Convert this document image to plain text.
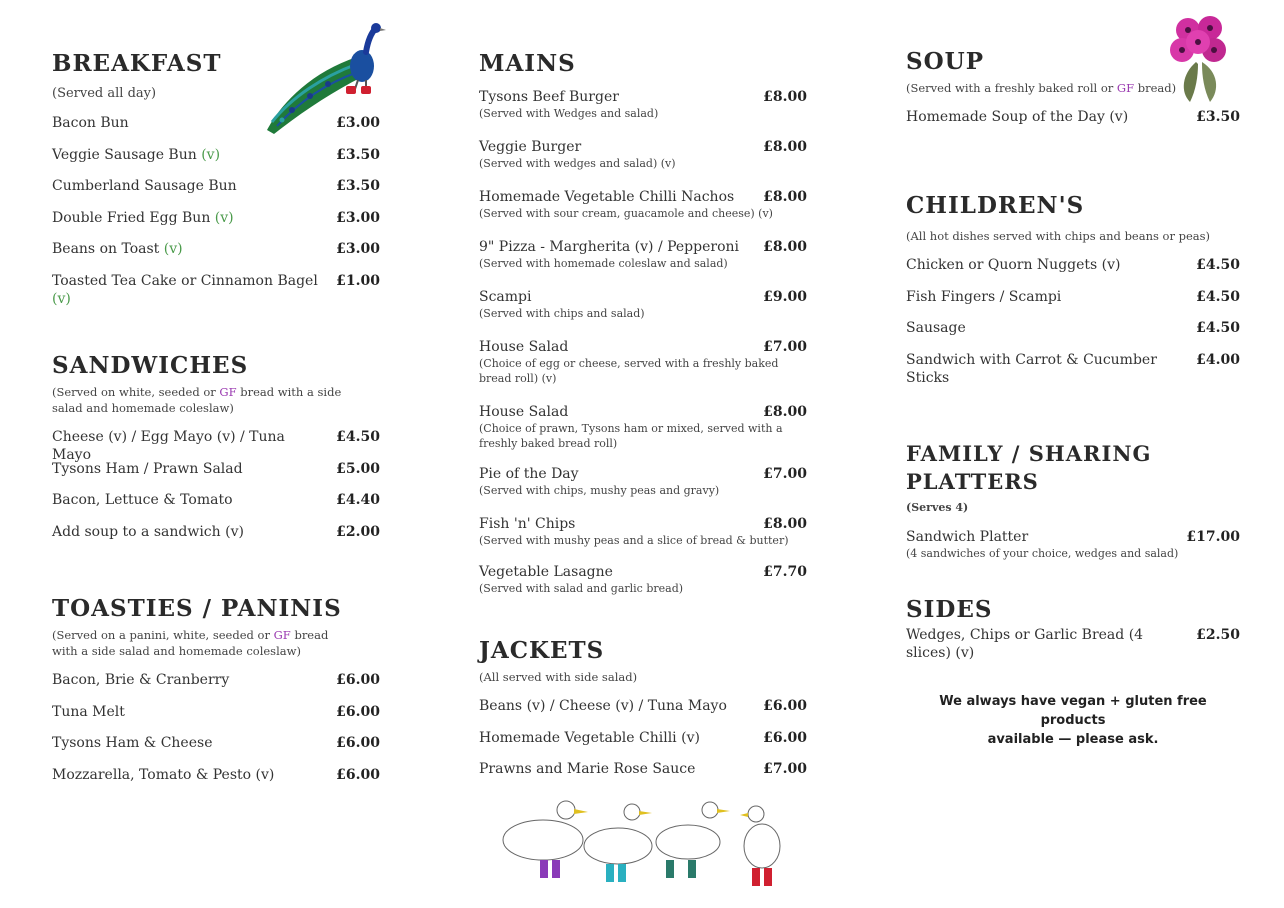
BREAKFAST

(Served all day)

Bacon Bun	£3.00
Veggie Sausage Bun (v)	£3.50
Cumberland Sausage Bun	£3.50
Double Fried Egg Bun (v)	£3.00
Beans on Toast (v)	£3.00
Toasted Tea Cake or Cinnamon Bagel (v)
£1.00
SANDWICHES

(Served on white, seeded or GF bread with a side salad and homemade coleslaw)

Cheese (v) / Egg Mayo (v) / Tuna Mayo
£4.50
Tysons Ham / Prawn Salad	£5.00
Bacon, Lettuce & Tomato	£4.40
Add soup to a sandwich (v)	£2.00
TOASTIES / PANINIS

(Served on a panini, white, seeded or GF bread with a side salad and homemade coleslaw)

Bacon, Brie & Cranberry	£6.00
Tuna Melt	£6.00
Tysons Ham & Cheese	£6.00
Mozzarella, Tomato & Pesto (v)	£6.00
MAINS
Tysons Beef Burger	£8.00
(Served with Wedges and salad)
Veggie Burger	£8.00
(Served with wedges and salad) (v)
Homemade Vegetable Chilli Nachos	£8.00
(Served with sour cream, guacamole and cheese) (v)
9" Pizza - Margherita (v) / Pepperoni	£8.00
(Served with homemade coleslaw and salad)
Scampi	£9.00
(Served with chips and salad)
House Salad	£7.00
(Choice of egg or cheese, served with a freshly baked bread roll) (v)
House Salad	£8.00
(Choice of prawn, Tysons ham or mixed, served with a freshly baked bread roll)
Pie of the Day	£7.00
(Served with chips, mushy peas and gravy)
Fish 'n' Chips	£8.00
(Served with mushy peas and a slice of bread & butter)
Vegetable Lasagne	£7.70
(Served with salad and garlic bread)
JACKETS

(All served with side salad)

Beans (v) / Cheese (v) / Tuna Mayo	£6.00
Homemade Vegetable Chilli (v)	£6.00
Prawns and Marie Rose Sauce	£7.00
SOUP

(Served with a freshly baked roll or GF bread)

Homemade Soup of the Day (v)	£3.50
CHILDREN'S

(All hot dishes served with chips and beans or peas)

Chicken or Quorn Nuggets (v)	£4.50
Fish Fingers / Scampi	£4.50
Sausage	£4.50
Sandwich with Carrot & Cucumber Sticks
£4.00
FAMILY / SHARING PLATTERS

(Serves 4)

Sandwich Platter	£17.00
(4 sandwiches of your choice, wedges and salad)
SIDES
Wedges, Chips or Garlic Bread (4 slices) (v)
£2.50
We always have vegan + gluten free products
available — please ask.
